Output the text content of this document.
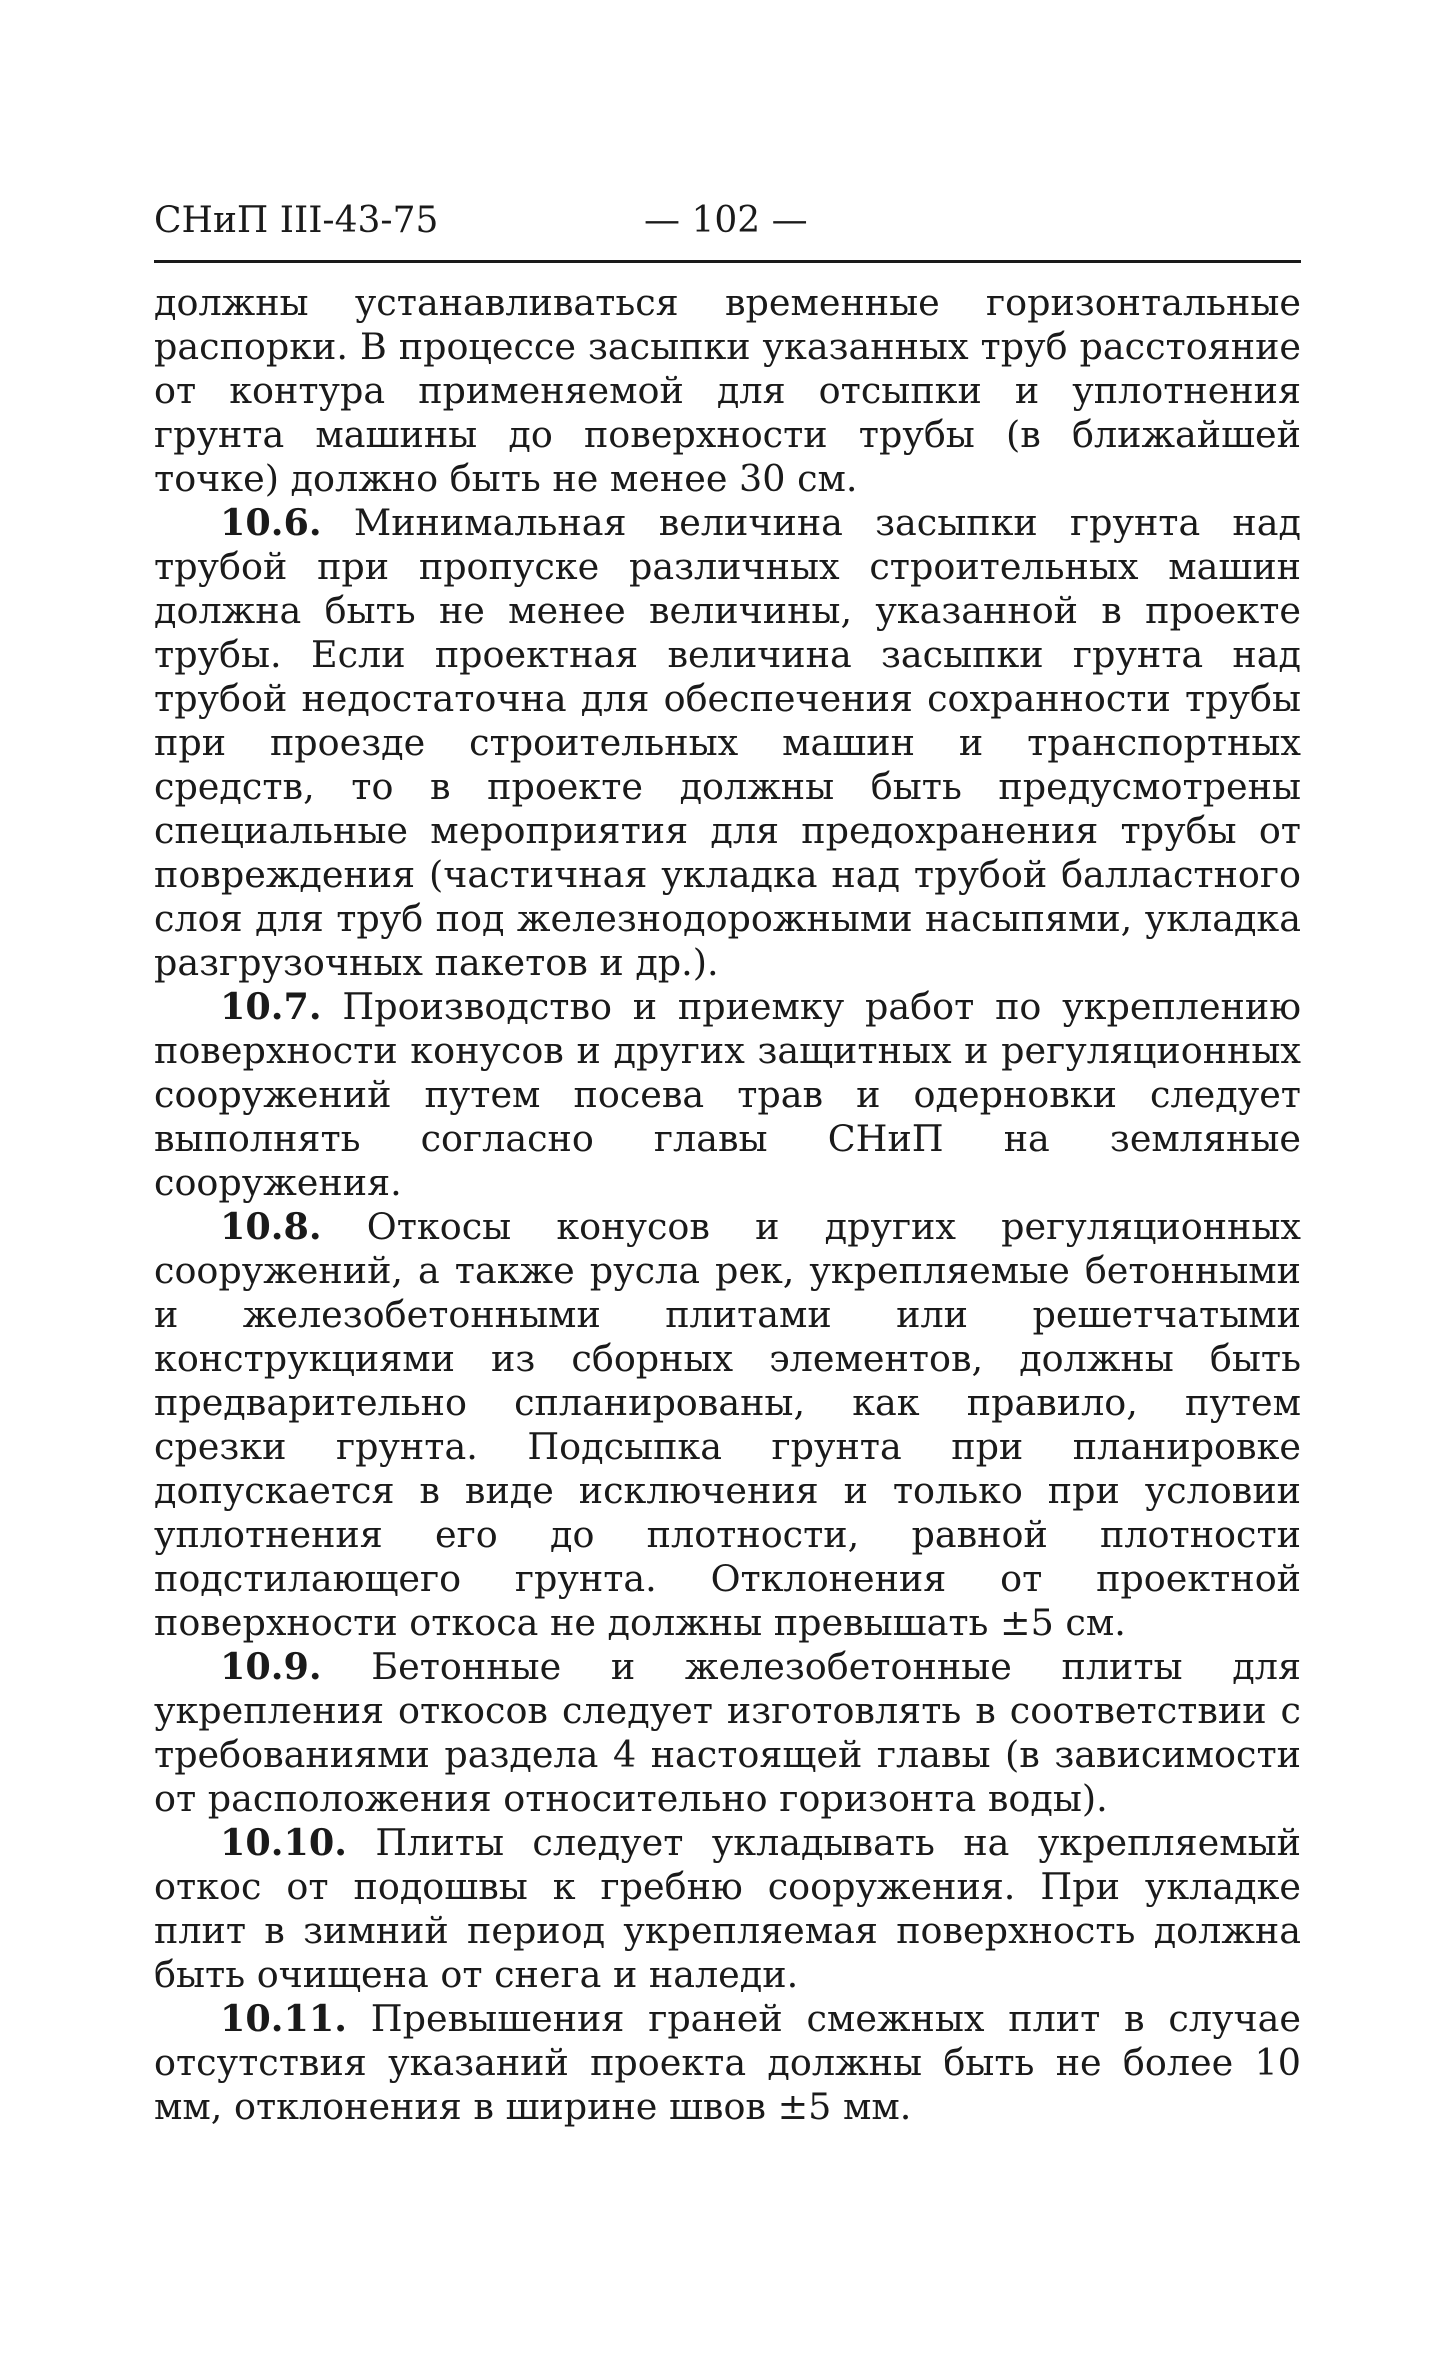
СНиП III-43-75	— 102 —

должны устанавливаться временные горизонтальные распорки. В процессе засыпки указанных труб расстояние от контура применяемой для отсыпки и уплотнения грунта машины до поверхности трубы (в ближайшей точке) должно быть не менее 30 см.

10.6. Минимальная величина засыпки грунта над трубой при пропуске различных строительных машин должна быть не менее величины, указанной в проекте трубы. Если проектная величина засыпки грунта над трубой недостаточна для обеспечения сохранности трубы при проезде строительных машин и транспортных средств, то в проекте должны быть предусмотрены специальные мероприятия для предохранения трубы от повреждения (частичная укладка над трубой балластного слоя для труб под железнодорожными насыпями, укладка разгрузочных пакетов и др.).

10.7. Производство и приемку работ по укреплению поверхности конусов и других защитных и регуляционных сооружений путем посева трав и одерновки следует выполнять согласно главы СНиП на земляные сооружения.

10.8. Откосы конусов и других регуляционных сооружений, а также русла рек, укрепляемые бетонными и железобетонными плитами или решетчатыми конструкциями из сборных элементов, должны быть предварительно спланированы, как правило, путем срезки грунта. Подсыпка грунта при планировке допускается в виде исключения и только при условии уплотнения его до плотности, равной плотности подстилающего грунта. Отклонения от проектной поверхности откоса не должны превышать ±5 см.

10.9. Бетонные и железобетонные плиты для укрепления откосов следует изготовлять в соответствии с требованиями раздела 4 настоящей главы (в зависимости от расположения относительно горизонта воды).

10.10. Плиты следует укладывать на укрепляемый откос от подошвы к гребню сооружения. При укладке плит в зимний период укрепляемая поверхность должна быть очищена от снега и наледи.

10.11. Превышения граней смежных плит в случае отсутствия указаний проекта должны быть не более 10 мм, отклонения в ширине швов ±5 мм.
